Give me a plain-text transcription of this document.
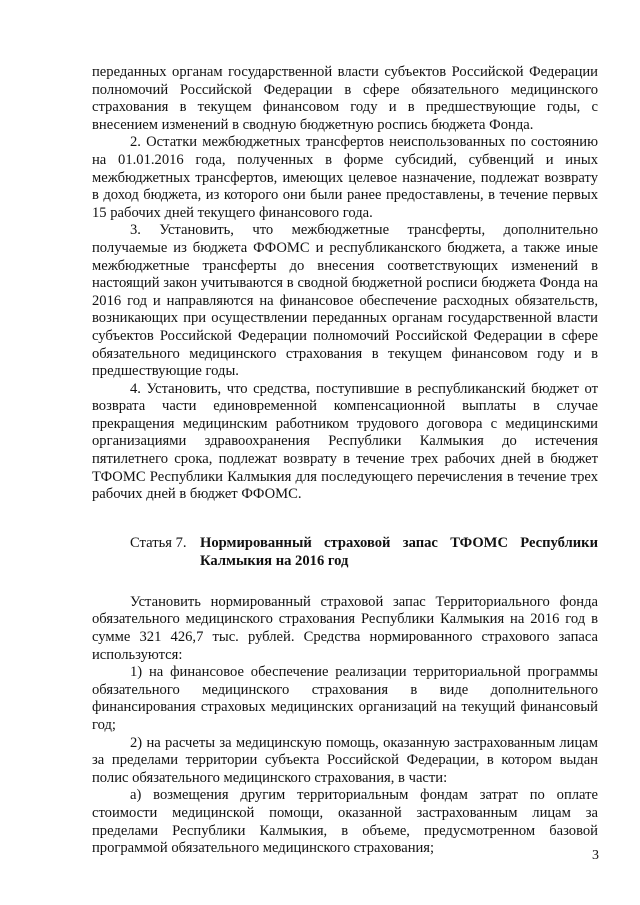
переданных органам государственной власти субъектов Российской Федерации полномочий Российской Федерации в сфере обязательного медицинского страхования в текущем финансовом году и в предшествующие годы, с внесением изменений в сводную бюджетную роспись бюджета Фонда.

2. Остатки межбюджетных трансфертов неиспользованных по состоянию на 01.01.2016 года, полученных в форме субсидий, субвенций и иных межбюджетных трансфертов, имеющих целевое назначение, подлежат возврату в доход бюджета, из которого они были ранее предоставлены, в течение первых 15 рабочих дней текущего финансового года.

3. Установить, что межбюджетные трансферты, дополнительно получаемые из бюджета ФФОМС и республиканского бюджета, а также иные межбюджетные трансферты до внесения соответствующих изменений в настоящий закон учитываются в сводной бюджетной росписи бюджета Фонда на 2016 год и направляются на финансовое обеспечение расходных обязательств, возникающих при осуществлении переданных органам государственной власти субъектов Российской Федерации полномочий Российской Федерации в сфере обязательного медицинского страхования в текущем финансовом году и в предшествующие годы.

4. Установить, что средства, поступившие в республиканский бюджет от возврата части единовременной компенсационной выплаты в случае прекращения медицинским работником трудового договора с медицинскими организациями здравоохранения Республики Калмыкия до истечения пятилетнего срока, подлежат возврату в течение трех рабочих дней в бюджет ТФОМС Республики Калмыкия для последующего перечисления в течение трех рабочих дней в бюджет ФФОМС.

Статья 7. Нормированный страховой запас ТФОМС Республики Калмыкия на 2016 год

Установить нормированный страховой запас Территориального фонда обязательного медицинского страхования Республики Калмыкия на 2016 год в сумме 321 426,7 тыс. рублей. Средства нормированного страхового запаса используются:

1) на финансовое обеспечение реализации территориальной программы обязательного медицинского страхования в виде дополнительного финансирования страховых медицинских организаций на текущий финансовый год;

2) на расчеты за медицинскую помощь, оказанную застрахованным лицам за пределами территории субъекта Российской Федерации, в котором выдан полис обязательного медицинского страхования, в части:

а) возмещения другим территориальным фондам затрат по оплате стоимости медицинской помощи, оказанной застрахованным лицам за пределами Республики Калмыкия, в объеме, предусмотренном базовой программой обязательного медицинского страхования;	3
